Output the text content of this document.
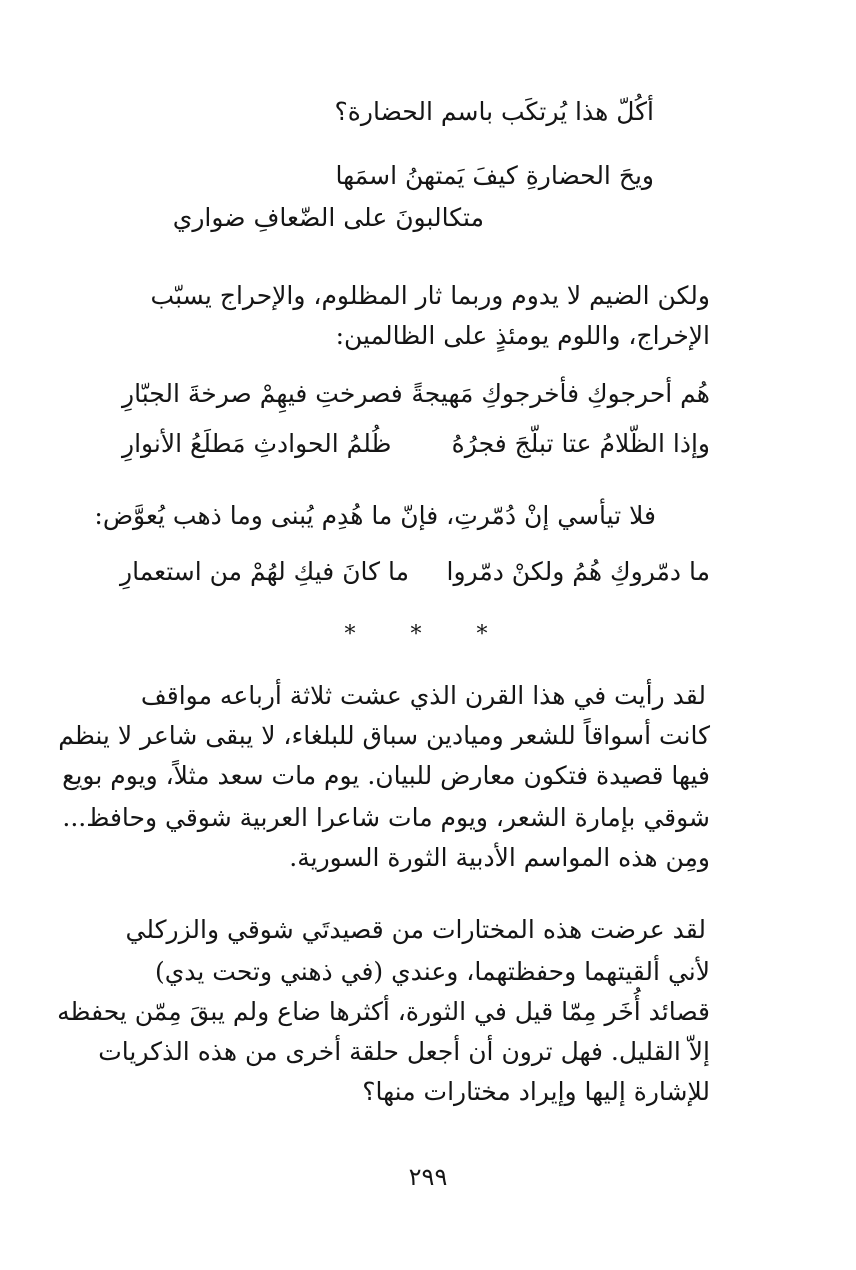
أكُلّ هذا يُرتكَب باسم الحضارة؟
ويحَ الحضارةِ كيفَ يَمتهنُ اسمَها
متكالبونَ على الضّعافِ ضواري
ولكن الضيم لا يدوم وربما ثار المظلوم، والإحراج يسبّب
الإخراج، واللوم يومئذٍ على الظالمين:
هُم أحرجوكِ فأخرجوكِ مَهيجةً
فصرختِ فيهِمْ صرخةَ الجبّارِ
وإذا الظّلامُ عتا تبلّجَ فجرُهُ
ظُلمُ الحوادثِ مَطلَعُ الأنوارِ
فلا تيأسي إنْ دُمّرتِ، فإنّ ما هُدِم يُبنى وما ذهب يُعوَّض:
ما دمّروكِ هُمُ ولكنْ دمّروا
ما كانَ فيكِ لهُمْ من استعمارِ
* * *
لقد رأيت في هذا القرن الذي عشت ثلاثة أرباعه مواقف
كانت أسواقاً للشعر وميادين سباق للبلغاء، لا يبقى شاعر لا ينظم
فيها قصيدة فتكون معارض للبيان. يوم مات سعد مثلاً، ويوم بويع
شوقي بإمارة الشعر، ويوم مات شاعرا العربية شوقي وحافظ...
ومِن هذه المواسم الأدبية الثورة السورية.
لقد عرضت هذه المختارات من قصيدتَي شوقي والزركلي
لأني ألقيتهما وحفظتهما، وعندي (في ذهني وتحت يدي)
قصائد أُخَر مِمّا قيل في الثورة، أكثرها ضاع ولم يبقَ مِمّن يحفظه
إلاّ القليل. فهل ترون أن أجعل حلقة أخرى من هذه الذكريات
للإشارة إليها وإيراد مختارات منها؟
٢٩٩
